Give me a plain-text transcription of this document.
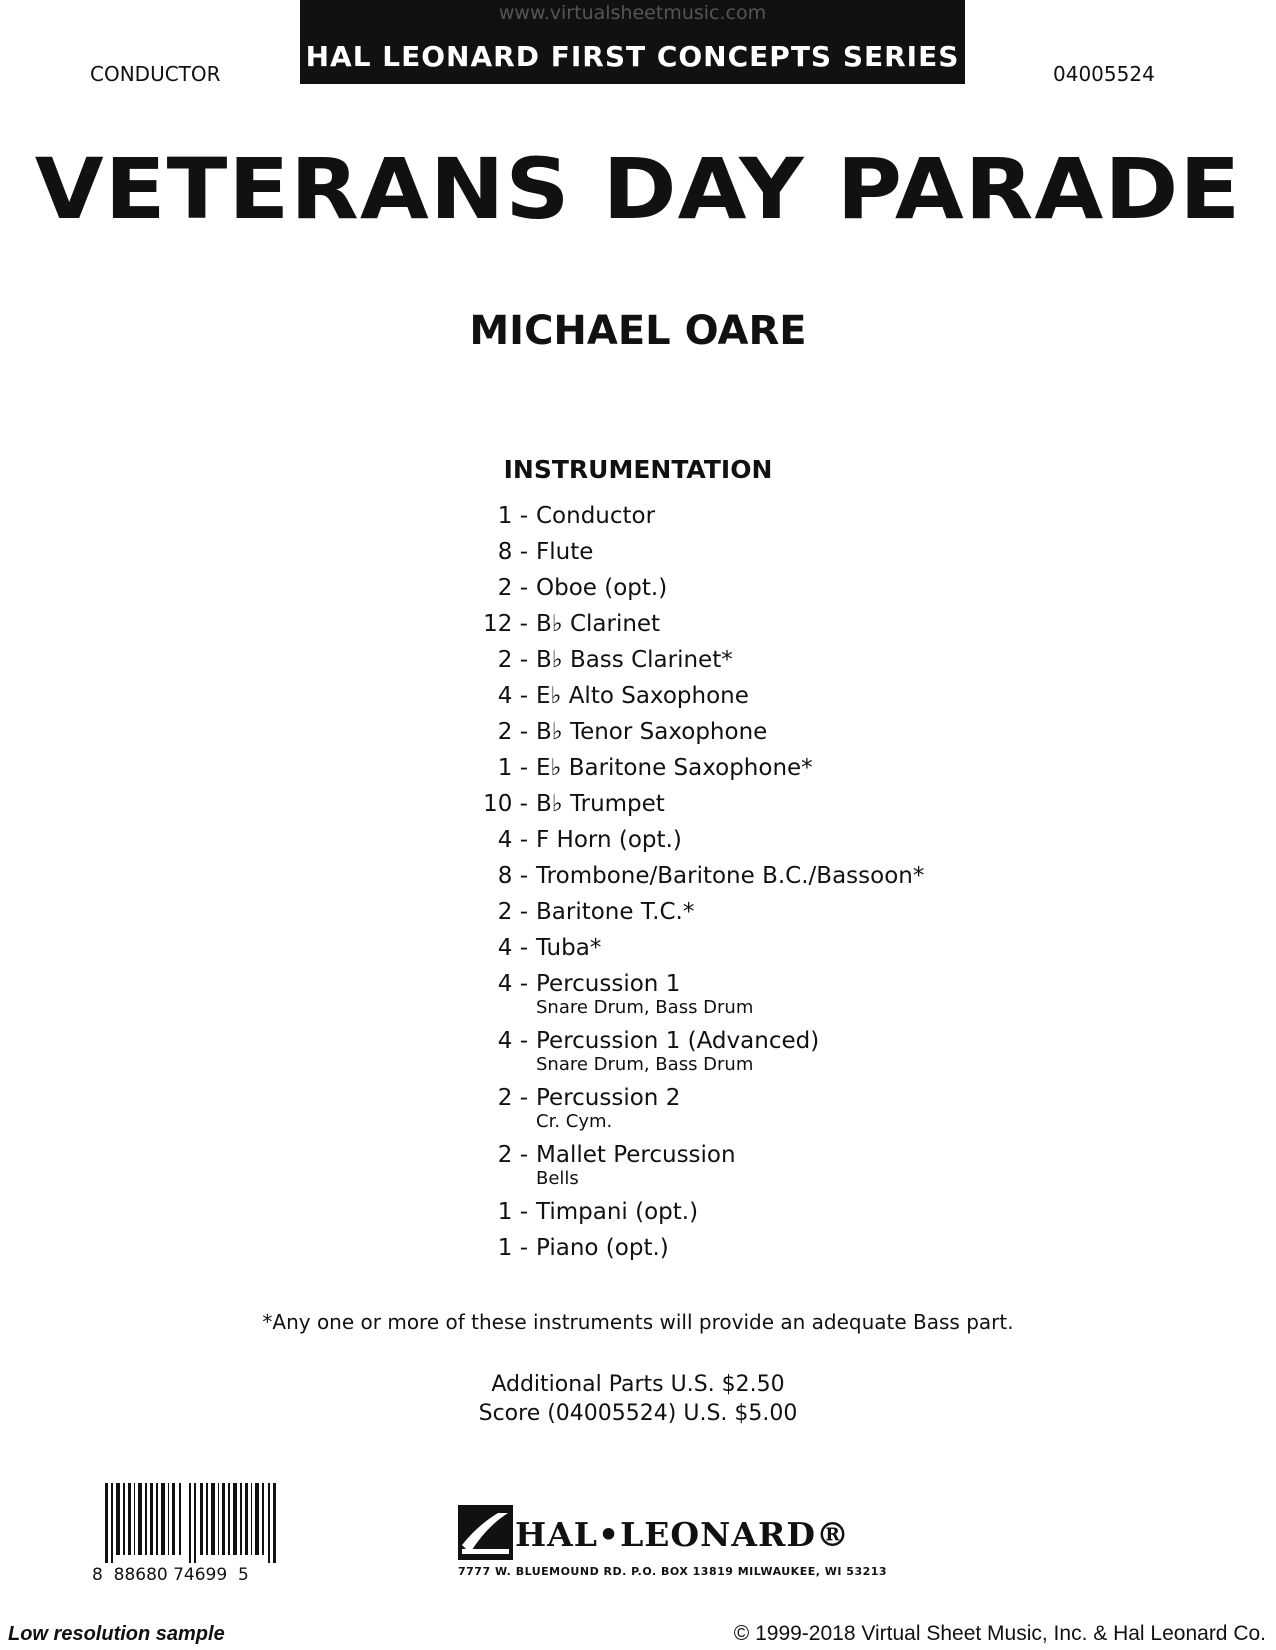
www.virtualsheetmusic.com
HAL LEONARD FIRST CONCEPTS SERIES
CONDUCTOR	04005524
VETERANS DAY PARADE
MICHAEL OARE
INSTRUMENTATION
1 - Conductor
8 - Flute
2 - Oboe (opt.)
12 - B♭ Clarinet
2 - B♭ Bass Clarinet*
4 - E♭ Alto Saxophone
2 - B♭ Tenor Saxophone
1 - E♭ Baritone Saxophone*
10 - B♭ Trumpet
4 - F Horn (opt.)
8 - Trombone/Baritone B.C./Bassoon*
2 - Baritone T.C.*
4 - Tuba*
4 - Percussion 1
Snare Drum, Bass Drum
4 - Percussion 1 (Advanced)
Snare Drum, Bass Drum
2 - Percussion 2
Cr. Cym.
2 - Mallet Percussion
Bells
1 - Timpani (opt.)
1 - Piano (opt.)
*Any one or more of these instruments will provide an adequate Bass part.
Additional Parts U.S. $2.50
Score (04005524) U.S. $5.00
8  88680 74699  5
HAL•LEONARD®
7777 W. BLUEMOUND RD. P.O. BOX 13819 MILWAUKEE, WI 53213
Low resolution sample	© 1999-2018 Virtual Sheet Music, Inc. & Hal Leonard Co.
